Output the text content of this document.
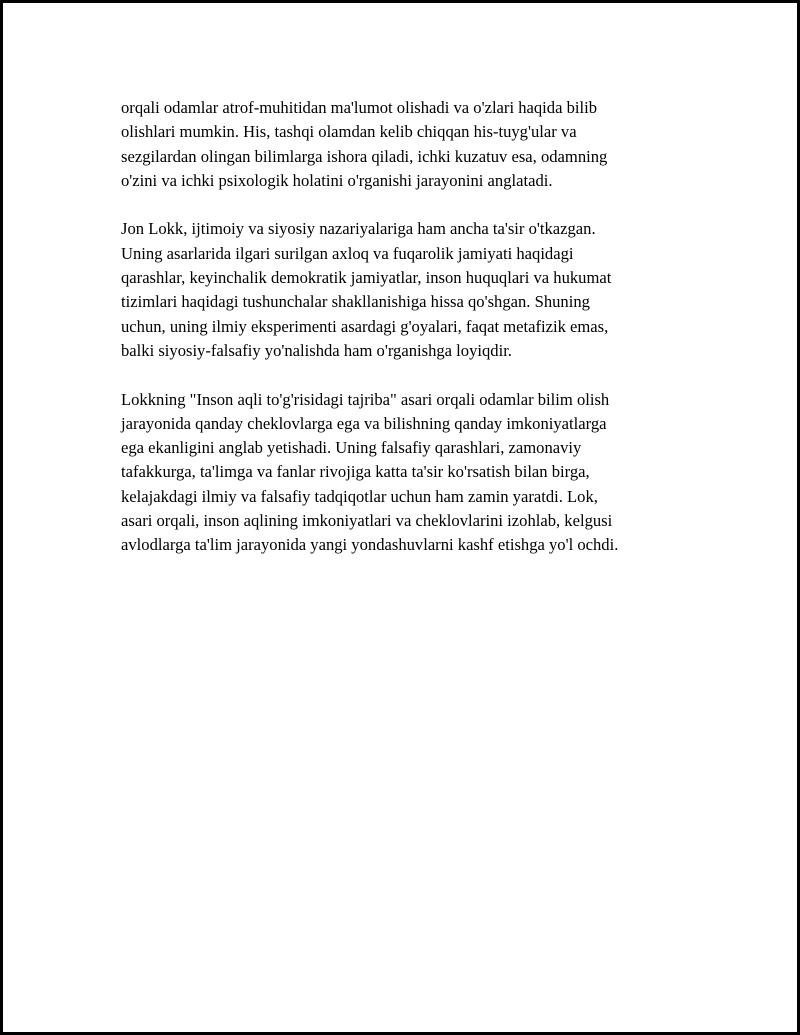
orqali odamlar atrof-muhitidan ma'lumot olishadi va o'zlari haqida bilib
olishlari mumkin. His, tashqi olamdan kelib chiqqan his-tuyg'ular va
sezgilardan olingan bilimlarga ishora qiladi, ichki kuzatuv esa, odamning
o'zini va ichki psixologik holatini o'rganishi jarayonini anglatadi.

Jon Lokk, ijtimoiy va siyosiy nazariyalariga ham ancha ta'sir o'tkazgan.
Uning asarlarida ilgari surilgan axloq va fuqarolik jamiyati haqidagi
qarashlar, keyinchalik demokratik jamiyatlar, inson huquqlari va hukumat
tizimlari haqidagi tushunchalar shakllanishiga hissa qo'shgan. Shuning
uchun, uning ilmiy eksperimenti asardagi g'oyalari, faqat metafizik emas,
balki siyosiy-falsafiy yo'nalishda ham o'rganishga loyiqdir.

Lokkning "Inson aqli to'g'risidagi tajriba" asari orqali odamlar bilim olish
jarayonida qanday cheklovlarga ega va bilishning qanday imkoniyatlarga
ega ekanligini anglab yetishadi. Uning falsafiy qarashlari, zamonaviy
tafakkurga, ta'limga va fanlar rivojiga katta ta'sir ko'rsatish bilan birga,
kelajakdagi ilmiy va falsafiy tadqiqotlar uchun ham zamin yaratdi. Lok,
asari orqali, inson aqlining imkoniyatlari va cheklovlarini izohlab, kelgusi
avlodlarga ta'lim jarayonida yangi yondashuvlarni kashf etishga yo'l ochdi.
